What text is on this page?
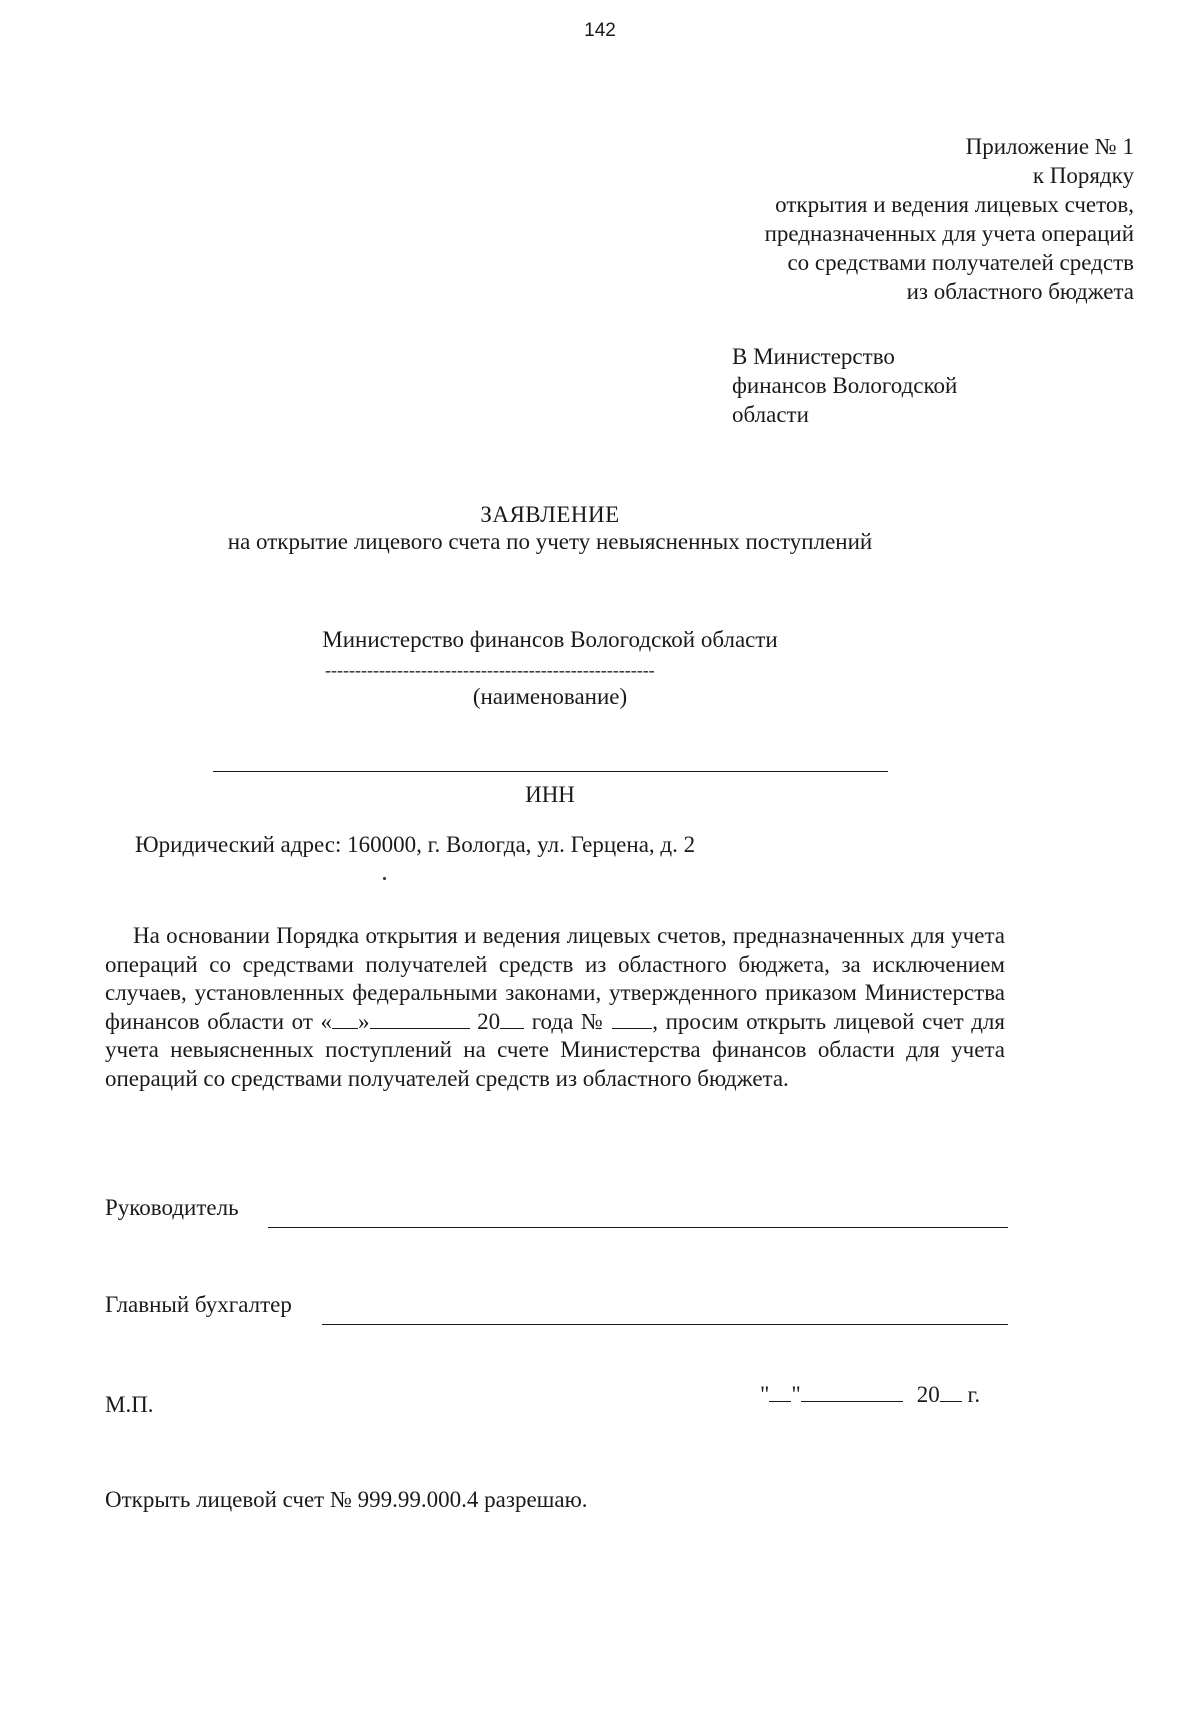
142
Приложение № 1
к Порядку
открытия и ведения лицевых счетов,
предназначенных для учета операций
со средствами получателей средств
из областного бюджета
В Министерство
финансов Вологодской
области
ЗАЯВЛЕНИЕ
на открытие лицевого счета по учету невыясненных поступлений
Министерство финансов Вологодской области
-------------------------------------------------------
(наименование)
ИНН
Юридический адрес: 160000, г. Вологда, ул. Герцена, д. 2
На основании Порядка открытия и ведения лицевых счетов, предназначенных для учета операций со средствами получателей средств из областного бюджета, за исключением случаев, установленных федеральными законами, утвержденного приказом Министерства финансов области от « »	20 года № , просим открыть лицевой счет для учета невыясненных поступлений на счете Министерства финансов области для учета операций со средствами получателей средств из областного бюджета.
Руководитель
Главный бухгалтер
М.П.	" "	20 г.
Открыть лицевой счет № 999.99.000.4 разрешаю.
